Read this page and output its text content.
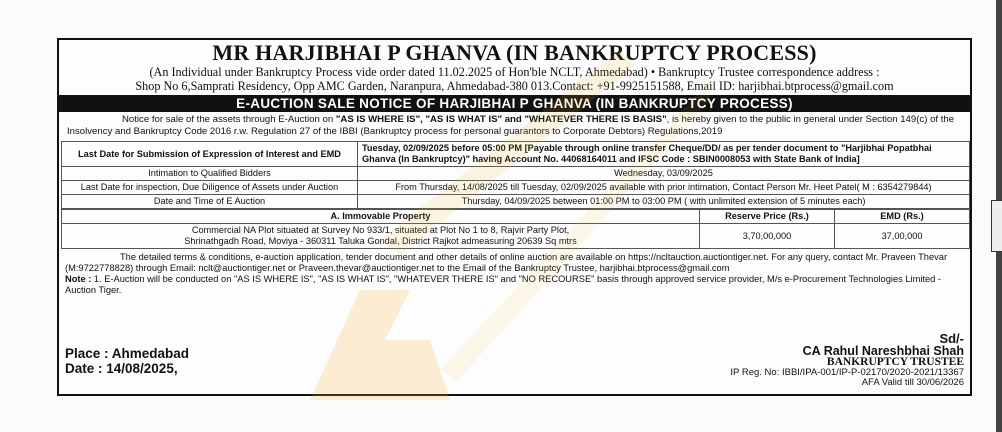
MR HARJIBHAI P GHANVA (IN BANKRUPTCY PROCESS)
(An Individual under Bankruptcy Process vide order dated 11.02.2025 of Hon'ble NCLT, Ahmedabad) • Bankruptcy Trustee correspondence address :
Shop No 6,Samprati Residency, Opp AMC Garden, Naranpura, Ahmedabad-380 013.Contact: +91-9925151588, Email ID: harjibhai.btprocess@gmail.com
E-AUCTION SALE NOTICE OF HARJIBHAI P GHANVA (IN BANKRUPTCY PROCESS)
Notice for sale of the assets through E-Auction on "AS IS WHERE IS", "AS IS WHAT IS" and "WHATEVER THERE IS BASIS", is hereby given to the public in general under Section 149(c) of the Insolvency and Bankruptcy Code 2016 r.w. Regulation 27 of the IBBI (Bankruptcy process for personal guarantors to Corporate Debtors) Regulations,2019
Last Date for Submission of Expression of Interest and EMD	Tuesday, 02/09/2025 before 05:00 PM [Payable through online transfer Cheque/DD/ as per tender document to "Harjibhai Popatbhai Ghanva (In Bankruptcy)" having Account No. 44068164011 and IFSC Code : SBIN0008053 with State Bank of India]
Intimation to Qualified Bidders	Wednesday, 03/09/2025
Last Date for inspection, Due Diligence of Assets under Auction	From Thursday, 14/08/2025 till Tuesday, 02/09/2025 available with prior intimation, Contact Person Mr. Heet Patel( M : 6354279844)
Date and Time of E Auction	Thursday, 04/09/2025 between 01:00 PM to 03:00 PM ( with unlimited extension of 5 minutes each)
A. Immovable Property	Reserve Price (Rs.)	EMD (Rs.)

Commercial NA Plot situated at Survey No 933/1, situated at Plot No 1 to 8, Rajvir Party Plot,
Shrinathgadh Road, Moviya - 360311 Taluka Gondal, District Rajkot admeasuring 20639 Sq mtrs	3,70,00,000	37,00,000
The detailed terms & conditions, e-auction application, tender document and other details of online auction are available on https://ncltauction.auctiontiger.net. For any query, contact Mr. Praveen Thevar (M:9722778828) through Email: nclt@auctiontiger.net or Praveen.thevar@auctiontiger.net to the Email of the Bankruptcy Trustee, harjibhai.btprocess@gmail.com
Note : 1. E-Auction will be conducted on "AS IS WHERE IS", "AS IS WHAT IS", "WHATEVER THERE IS" and "NO RECOURSE" basis through approved service provider, M/s e-Procurement Technologies Limited -Auction Tiger.
Place : Ahmedabad
Date : 14/08/2025,
Sd/-
CA Rahul Nareshbhai Shah
BANKRUPTCY TRUSTEE
IP Reg. No: IBBI/IPA-001/IP-P-02170/2020-2021/13367
AFA Valid till 30/06/2026
